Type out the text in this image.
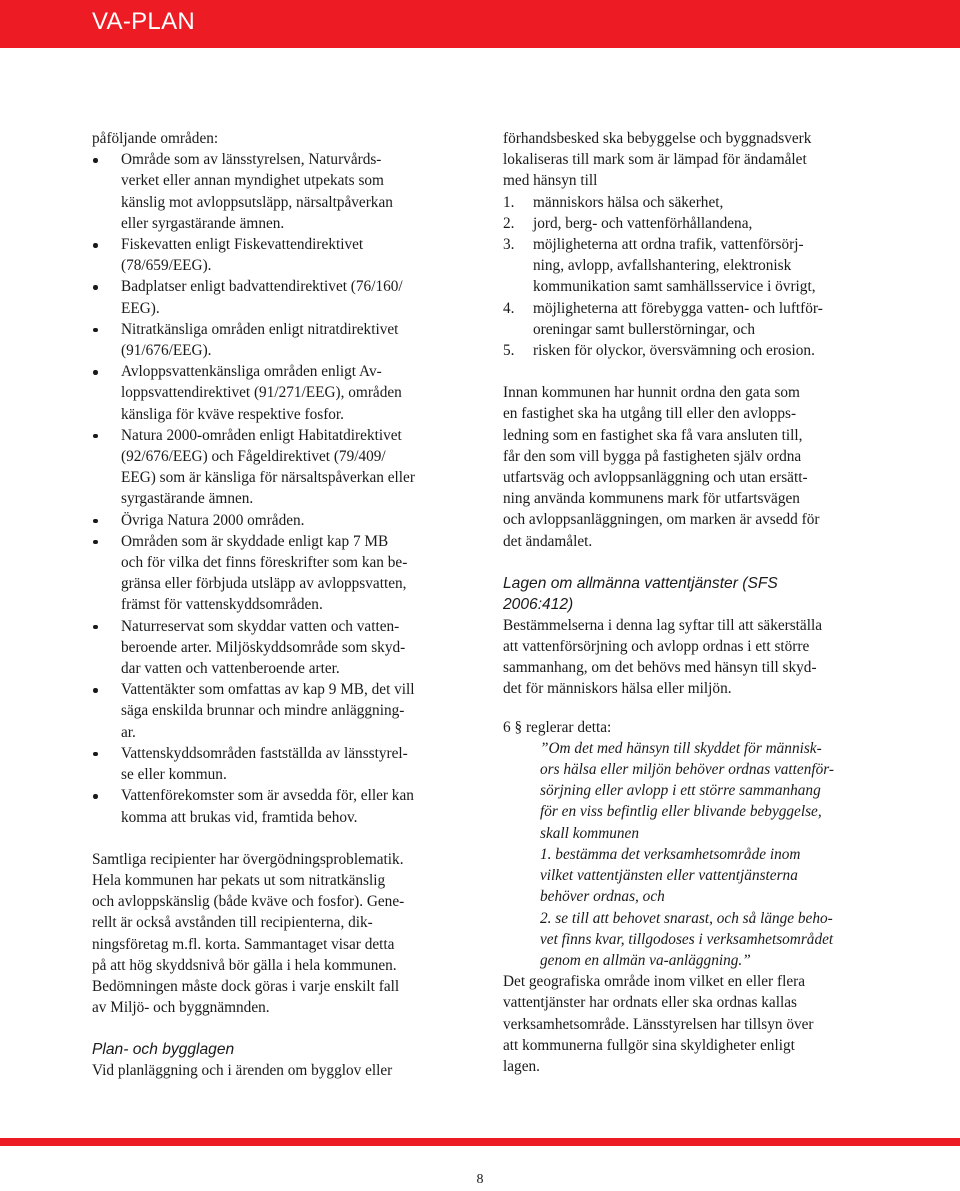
VA-PLAN

påföljande områden:

Område som av länsstyrelsen, Naturvårds-
verket eller annan myndighet utpekats som
känslig mot avloppsutsläpp, närsaltpåverkan
eller syrgastärande ämnen.
Fiskevatten enligt Fiskevattendirektivet
(78/659/EEG).
Badplatser enligt badvattendirektivet (76/160/
EEG).
Nitratkänsliga områden enligt nitratdirektivet
(91/676/EEG).
Avloppsvattenkänsliga områden enligt Av-
loppsvattendirektivet (91/271/EEG), områden
känsliga för kväve respektive fosfor.
Natura 2000-områden enligt Habitatdirektivet
(92/676/EEG) och Fågeldirektivet (79/409/
EEG) som är känsliga för närsaltspåverkan eller
syrgastärande ämnen.
Övriga Natura 2000 områden.
Områden som är skyddade enligt kap 7 MB
och för vilka det finns föreskrifter som kan be-
gränsa eller förbjuda utsläpp av avloppsvatten,
främst för vattenskyddsområden.
Naturreservat som skyddar vatten och vatten-
beroende arter. Miljöskyddsområde som skyd-
dar vatten och vattenberoende arter.
Vattentäkter som omfattas av kap 9 MB, det vill
säga enskilda brunnar och mindre anläggning-
ar.
Vattenskyddsområden fastställda av länsstyrel-
se eller kommun.
Vattenförekomster som är avsedda för, eller kan
komma att brukas vid, framtida behov.

Samtliga recipienter har övergödningsproblematik.
Hela kommunen har pekats ut som nitratkänslig
och avloppskänslig (både kväve och fosfor). Gene-
rellt är också avstånden till recipienterna, dik-
ningsföretag m.fl. korta. Sammantaget visar detta
på att hög skyddsnivå bör gälla i hela kommunen.
Bedömningen måste dock göras i varje enskilt fall
av Miljö- och byggnämnden.

Plan- och bygglagen

Vid planläggning och i ärenden om bygglov eller

förhandsbesked ska bebyggelse och byggnadsverk
lokaliseras till mark som är lämpad för ändamålet
med hänsyn till

1. människors hälsa och säkerhet,
2. jord, berg- och vattenförhållandena,
3. möjligheterna att ordna trafik, vattenförsörj-
ning, avlopp, avfallshantering, elektronisk
kommunikation samt samhällsservice i övrigt,
4. möjligheterna att förebygga vatten- och luftför-
oreningar samt bullerstörningar, och
5. risken för olyckor, översvämning och erosion.

Innan kommunen har hunnit ordna den gata som
en fastighet ska ha utgång till eller den avlopps-
ledning som en fastighet ska få vara ansluten till,
får den som vill bygga på fastigheten själv ordna
utfartsväg och avloppsanläggning och utan ersätt-
ning använda kommunens mark för utfartsvägen
och avloppsanläggningen, om marken är avsedd för
det ändamålet.

Lagen om allmänna vattentjänster (SFS
2006:412)

Bestämmelserna i denna lag syftar till att säkerställa
att vattenförsörjning och avlopp ordnas i ett större
sammanhang, om det behövs med hänsyn till skyd-
det för människors hälsa eller miljön.

6 § reglerar detta:

”Om det med hänsyn till skyddet för människ-
ors hälsa eller miljön behöver ordnas vattenför-
sörjning eller avlopp i ett större sammanhang
för en viss befintlig eller blivande bebyggelse,
skall kommunen
1. bestämma det verksamhetsområde inom
vilket vattentjänsten eller vattentjänsterna
behöver ordnas, och
2. se till att behovet snarast, och så länge beho-
vet finns kvar, tillgodoses i verksamhetsområdet
genom en allmän va-anläggning.”

Det geografiska område inom vilket en eller flera
vattentjänster har ordnats eller ska ordnas kallas
verksamhetsområde. Länsstyrelsen har tillsyn över
att kommunerna fullgör sina skyldigheter enligt
lagen.

8
